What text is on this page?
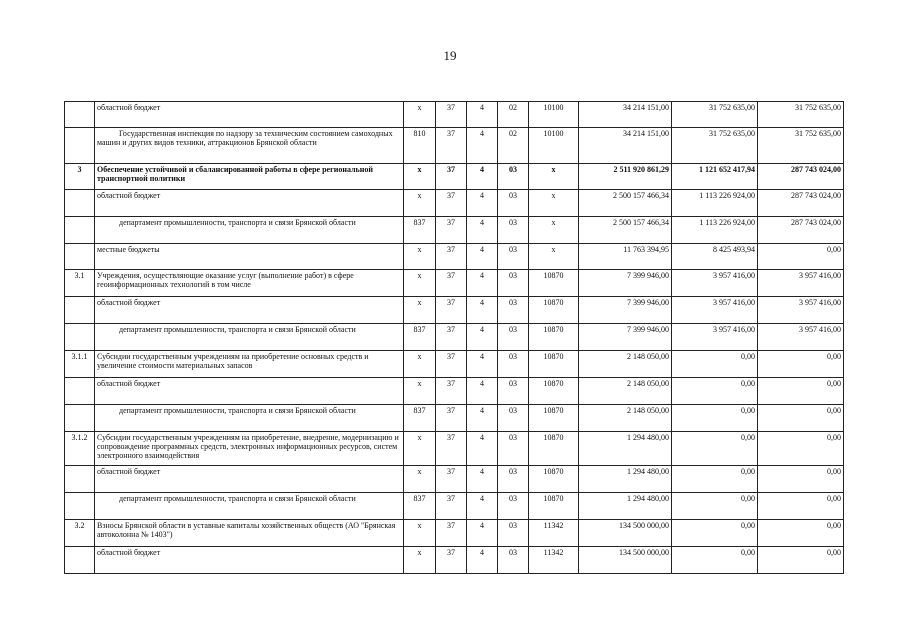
19
	областной бюджет	x	37	4	02	10100	34 214 151,00	31 752 635,00	31 752 635,00
	Государственная инспекция по надзору за техническим состоянием самоходных машин и других видов техники, аттракционов Брянской области	810	37	4	02	10100	34 214 151,00	31 752 635,00	31 752 635,00
3	Обеспечение устойчивой и сбалансированной работы в сфере региональной транспортной политики	x	37	4	03	x	2 511 920 861,29	1 121 652 417,94	287 743 024,00
	областной бюджет	x	37	4	03	x	2 500 157 466,34	1 113 226 924,00	287 743 024,00
	департамент промышленности, транспорта и связи Брянской области	837	37	4	03	x	2 500 157 466,34	1 113 226 924,00	287 743 024,00
	местные бюджеты	x	37	4	03	x	11 763 394,95	8 425 493,94	0,00
3.1	Учреждения, осуществляющие оказание услуг (выполнение работ) в сфере геоинформационных технологий в том числе	x	37	4	03	10870	7 399 946,00	3 957 416,00	3 957 416,00
	областной бюджет	x	37	4	03	10870	7 399 946,00	3 957 416,00	3 957 416,00
	департамент промышленности, транспорта и связи Брянской области	837	37	4	03	10870	7 399 946,00	3 957 416,00	3 957 416,00
3.1.1	Субсидии государственным учреждениям на приобретение основных средств и увеличение стоимости материальных запасов	x	37	4	03	10870	2 148 050,00	0,00	0,00
	областной бюджет	x	37	4	03	10870	2 148 050,00	0,00	0,00
	департамент промышленности, транспорта и связи Брянской области	837	37	4	03	10870	2 148 050,00	0,00	0,00
3.1.2	Субсидии государственным учреждениям на приобретение, внедрение, модернизацию и сопровождение программных средств, электронных информационных ресурсов, систем электронного взаимодействия	x	37	4	03	10870	1 294 480,00	0,00	0,00
	областной бюджет	x	37	4	03	10870	1 294 480,00	0,00	0,00
	департамент промышленности, транспорта и связи Брянской области	837	37	4	03	10870	1 294 480,00	0,00	0,00
3.2	Взносы Брянской области в уставные капиталы хозяйственных обществ (АО "Брянская автоколонна № 1403")	x	37	4	03	11342	134 500 000,00	0,00	0,00
	областной бюджет	x	37	4	03	11342	134 500 000,00	0,00	0,00
